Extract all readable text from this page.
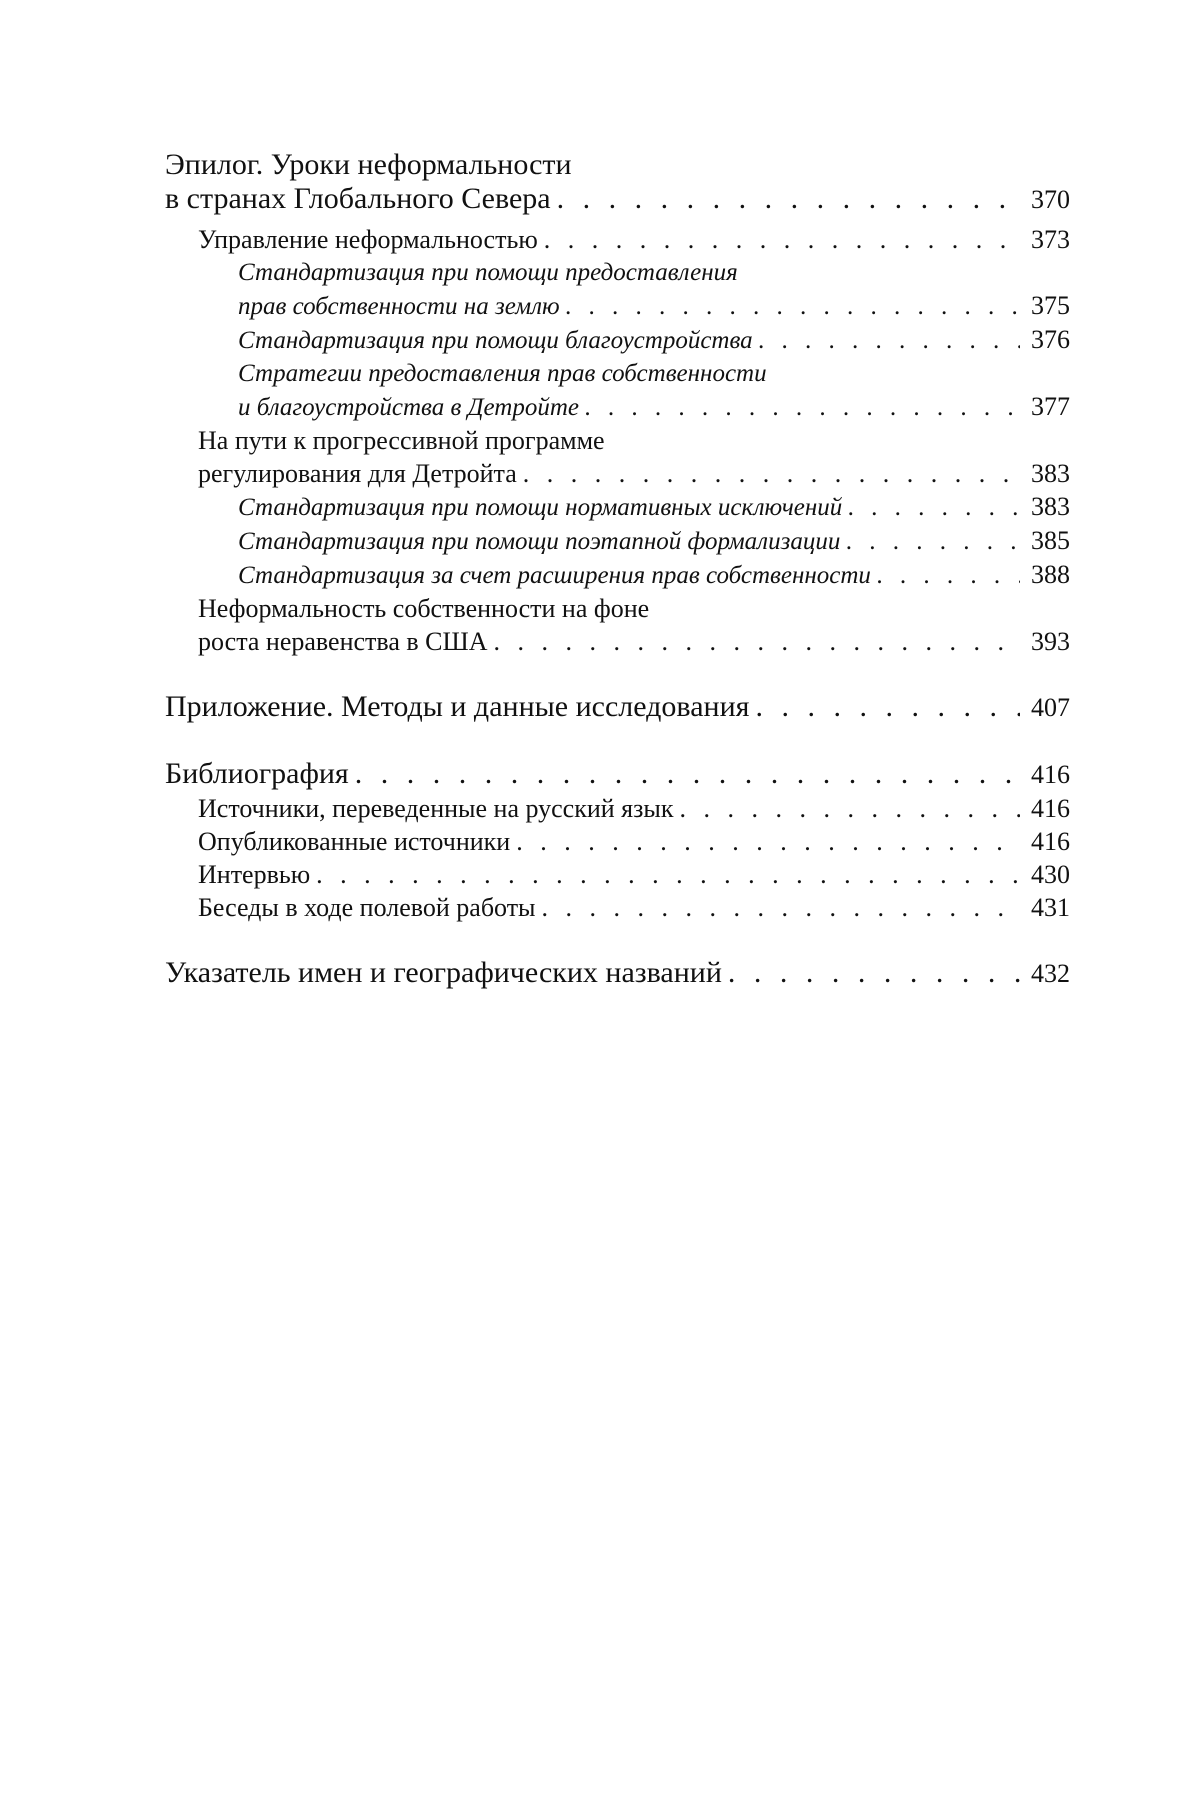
Эпилог. Уроки неформальности
в странах Глобального Севера . . .	370
Управление неформальностью . . .	373
Стандартизация при помощи предоставления
прав собственности на землю . . .	375
Стандартизация при помощи благоустройства . . .	376
Стратегии предоставления прав собственности
и благоустройства в Детройте . . .	377
На пути к прогрессивной программе
регулирования для Детройта . . .	383
Стандартизация при помощи нормативных исключений . . .	383
Стандартизация при помощи поэтапной формализации . . .	385
Стандартизация за счет расширения прав собственности . . .	388
Неформальность собственности на фоне
роста неравенства в США . . .	393
Приложение. Методы и данные исследования . . .	407
Библиография . . .	416
Источники, переведенные на русский язык . . .	416
Опубликованные источники . . .	416
Интервью . . .	430
Беседы в ходе полевой работы . . .	431
Указатель имен и географических названий . . .	432
